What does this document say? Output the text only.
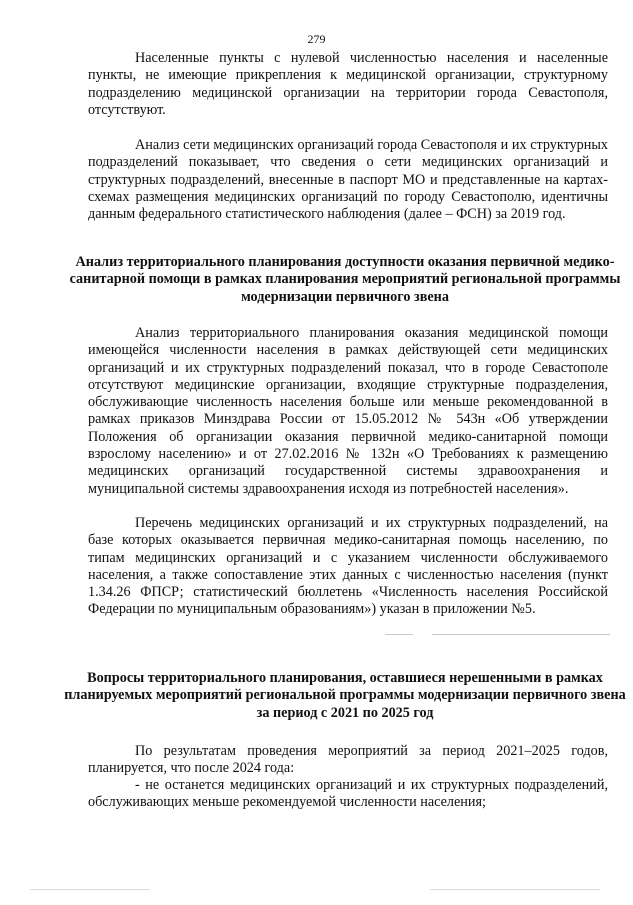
279

Населенные пункты с нулевой численностью населения и населенные пункты, не имеющие прикрепления к медицинской организации, структурному подразделению медицинской организации на территории города Севастополя, отсутствуют.

Анализ сети медицинских организаций города Севастополя и их структурных подразделений показывает, что сведения о сети медицинских организаций и структурных подразделений, внесенные в паспорт МО и представленные на картах-схемах размещения медицинских организаций по городу Севастополю, идентичны данным федерального статистического наблюдения (далее – ФСН) за 2019 год.

Анализ территориального планирования доступности оказания первичной медико-санитарной помощи в рамках планирования мероприятий региональной программы модернизации первичного звена

Анализ территориального планирования оказания медицинской помощи имеющейся численности населения в рамках действующей сети медицинских организаций и их структурных подразделений показал, что в городе Севастополе отсутствуют медицинские организации, входящие структурные подразделения, обслуживающие численность населения больше или меньше рекомендованной в рамках приказов Минздрава России от 15.05.2012 № 543н «Об утверждении Положения об организации оказания первичной медико-санитарной помощи взрослому населению» и от 27.02.2016 № 132н «О Требованиях к размещению медицинских организаций государственной системы здравоохранения и муниципальной системы здравоохранения исходя из потребностей населения».

Перечень медицинских организаций и их структурных подразделений, на базе которых оказывается первичная медико-санитарная помощь населению, по типам медицинских организаций и с указанием численности обслуживаемого населения, а также сопоставление этих данных с численностью населения (пункт 1.34.26 ФПСР; статистический бюллетень «Численность населения Российской Федерации по муниципальным образованиям») указан в приложении №5.

Вопросы территориального планирования, оставшиеся нерешенными в рамках планируемых мероприятий региональной программы модернизации первичного звена за период с 2021 по 2025 год

По результатам проведения мероприятий за период 2021–2025 годов, планируется, что после 2024 года:

- не останется медицинских организаций и их структурных подразделений, обслуживающих меньше рекомендуемой численности населения;
